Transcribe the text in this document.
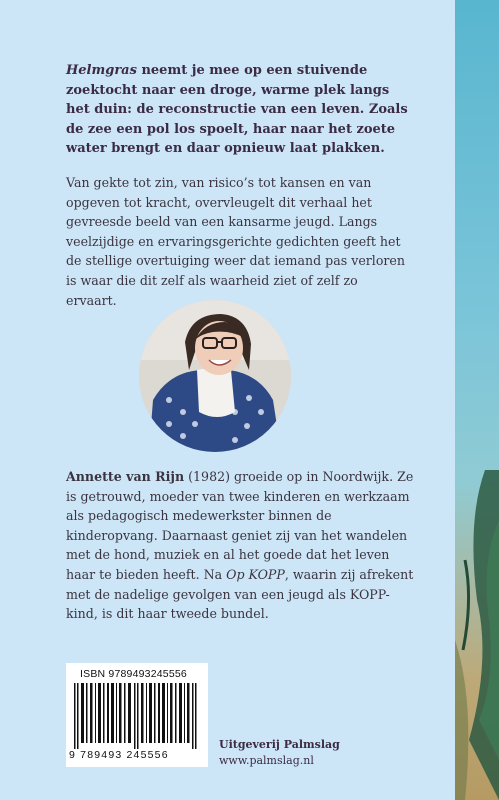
Helmgras neemt je mee op een stuivende zoektocht naar een droge, warme plek langs het duin: de reconstructie van een leven. Zoals de zee een pol los spoelt, haar naar het zoete water brengt en daar opnieuw laat plakken.

Van gekte tot zin, van risico’s tot kansen en van opgeven tot kracht, overvleugelt dit verhaal het gevreesde beeld van een kansarme jeugd. Langs veelzijdige en ervaringsgerichte gedichten geeft het de stellige overtuiging weer dat iemand pas verloren is waar die dit zelf als waarheid ziet of zelf zo ervaart.

Annette van Rijn (1982) groeide op in Noordwijk. Ze is getrouwd, moeder van twee kinderen en werkzaam als pedagogisch medewerkster binnen de kinderopvang. Daarnaast geniet zij van het wandelen met de hond, muziek en al het goede dat het leven haar te bieden heeft. Na Op KOPP, waarin zij afrekent met de nadelige gevolgen van een jeugd als KOPP-kind, is dit haar tweede bundel.

ISBN 9789493245556
9 789493 245556
Uitgeverij Palmslag
www.palmslag.nl
